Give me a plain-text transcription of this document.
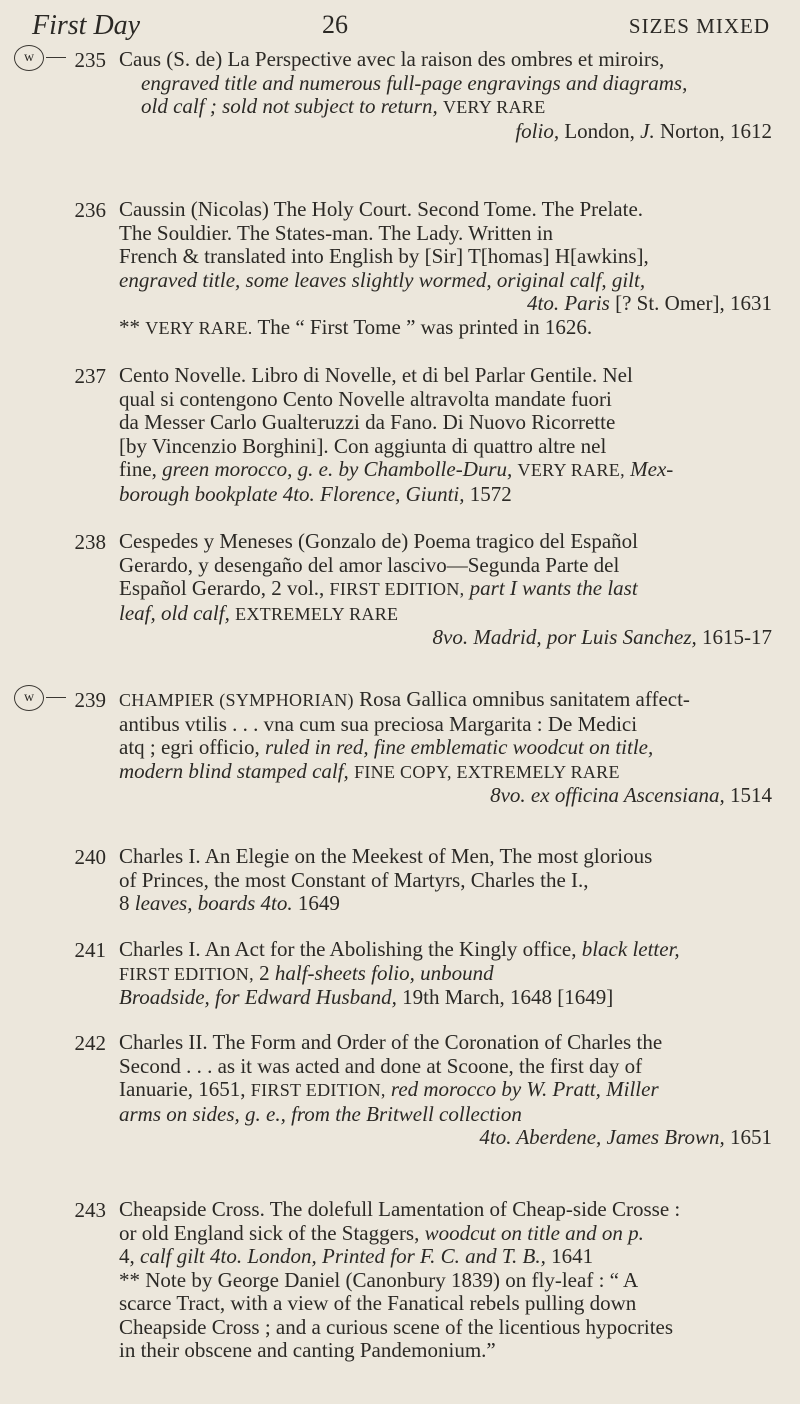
First Day	26	SIZES MIXED
w	235 Caus (S. de) La Perspective avec la raison des ombres et miroirs,

engraved title and numerous full-page engravings and diagrams,

old calf ; sold not subject to return, VERY RARE

folio, London, J. Norton, 1612

236 Caussin (Nicolas) The Holy Court. Second Tome. The Prelate.

The Souldier. The States-man. The Lady. Written in

French & translated into English by [Sir] T[homas] H[awkins],

engraved title, some leaves slightly wormed, original calf, gilt,

4to. Paris [? St. Omer], 1631

** VERY RARE. The “ First Tome ” was printed in 1626.

237 Cento Novelle. Libro di Novelle, et di bel Parlar Gentile. Nel

qual si contengono Cento Novelle altravolta mandate fuori

da Messer Carlo Gualteruzzi da Fano. Di Nuovo Ricorrette

[by Vincenzio Borghini]. Con aggiunta di quattro altre nel

fine, green morocco, g. e. by Chambolle-Duru, VERY RARE, Mex-

borough bookplate 4to. Florence, Giunti, 1572

238 Cespedes y Meneses (Gonzalo de) Poema tragico del Español

Gerardo, y desengaño del amor lascivo—Segunda Parte del

Español Gerardo, 2 vol., FIRST EDITION, part I wants the last

leaf, old calf, EXTREMELY RARE

8vo. Madrid, por Luis Sanchez, 1615-17

w	239 CHAMPIER (SYMPHORIAN) Rosa Gallica omnibus sanitatem affect-

antibus vtilis . . . vna cum sua preciosa Margarita : De Medici

atq ; egri officio, ruled in red, fine emblematic woodcut on title,

modern blind stamped calf, FINE COPY, EXTREMELY RARE

8vo. ex officina Ascensiana, 1514

240 Charles I. An Elegie on the Meekest of Men, The most glorious

of Princes, the most Constant of Martyrs, Charles the I.,

8 leaves, boards 4to. 1649

241 Charles I. An Act for the Abolishing the Kingly office, black letter,

FIRST EDITION, 2 half-sheets folio, unbound

Broadside, for Edward Husband, 19th March, 1648 [1649]

242 Charles II. The Form and Order of the Coronation of Charles the

Second . . . as it was acted and done at Scoone, the first day of

Ianuarie, 1651, FIRST EDITION, red morocco by W. Pratt, Miller

arms on sides, g. e., from the Britwell collection

4to. Aberdene, James Brown, 1651

243 Cheapside Cross. The dolefull Lamentation of Cheap-side Crosse :

or old England sick of the Staggers, woodcut on title and on p.

4, calf gilt 4to. London, Printed for F. C. and T. B., 1641

** Note by George Daniel (Canonbury 1839) on fly-leaf : “ A

scarce Tract, with a view of the Fanatical rebels pulling down

Cheapside Cross ; and a curious scene of the licentious hypocrites

in their obscene and canting Pandemonium.”
